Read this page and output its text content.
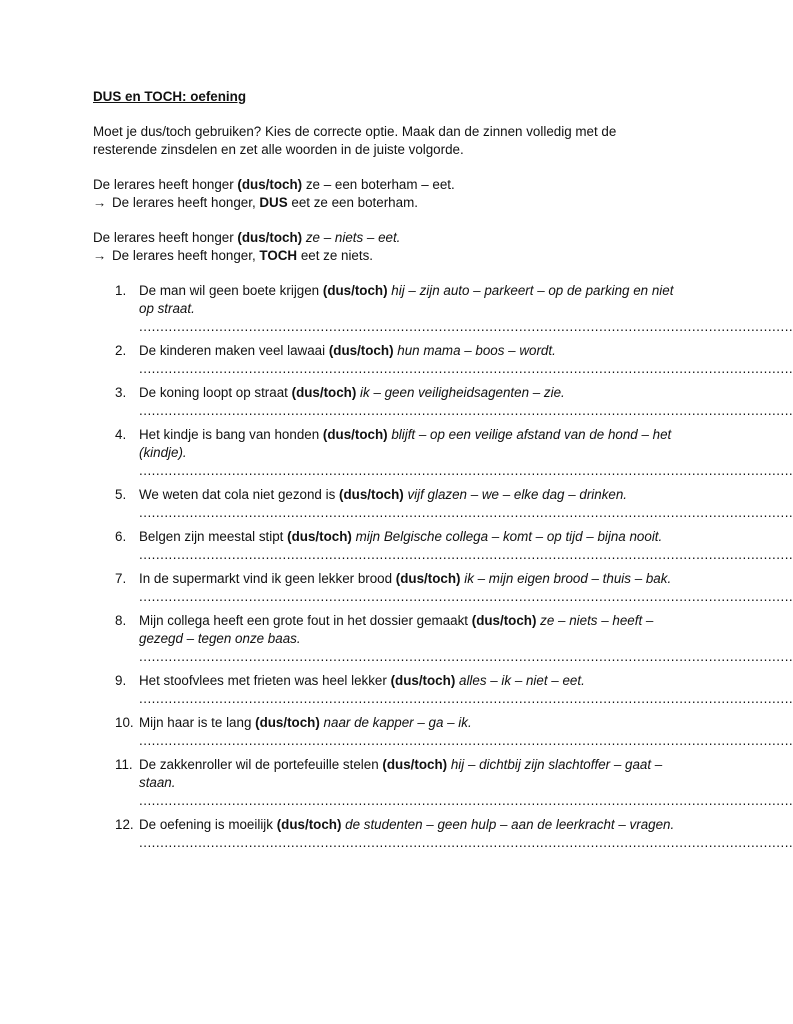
DUS en TOCH: oefening
Moet je dus/toch gebruiken? Kies de correcte optie. Maak dan de zinnen volledig met de resterende zinsdelen en zet alle woorden in de juiste volgorde.
De lerares heeft honger (dus/toch) ze – een boterham – eet.
→ De lerares heeft honger, DUS eet ze een boterham.
De lerares heeft honger (dus/toch) ze – niets – eet.
→ De lerares heeft honger, TOCH eet ze niets.
1. De man wil geen boete krijgen (dus/toch) hij – zijn auto – parkeert – op de parking en niet op straat.
...........................................................................................................................................................
2. De kinderen maken veel lawaai (dus/toch) hun mama – boos – wordt.
...........................................................................................................................................................
3. De koning loopt op straat (dus/toch) ik – geen veiligheidsagenten – zie.
...........................................................................................................................................................
4. Het kindje is bang van honden (dus/toch) blijft – op een veilige afstand van de hond – het (kindje).
...........................................................................................................................................................
5. We weten dat cola niet gezond is (dus/toch) vijf glazen – we – elke dag – drinken.
...........................................................................................................................................................
6. Belgen zijn meestal stipt (dus/toch) mijn Belgische collega – komt – op tijd – bijna nooit.
...........................................................................................................................................................
7. In de supermarkt vind ik geen lekker brood (dus/toch) ik – mijn eigen brood – thuis – bak.
...........................................................................................................................................................
8. Mijn collega heeft een grote fout in het dossier gemaakt (dus/toch) ze – niets – heeft – gezegd – tegen onze baas.
...........................................................................................................................................................
9. Het stoofvlees met frieten was heel lekker (dus/toch) alles – ik – niet – eet.
...........................................................................................................................................................
10. Mijn haar is te lang (dus/toch) naar de kapper – ga – ik.
...........................................................................................................................................................
11. De zakkenroller wil de portefeuille stelen (dus/toch) hij – dichtbij zijn slachtoffer – gaat – staan.
...........................................................................................................................................................
12. De oefening is moeilijk (dus/toch) de studenten – geen hulp – aan de leerkracht – vragen.
...........................................................................................................................................................
